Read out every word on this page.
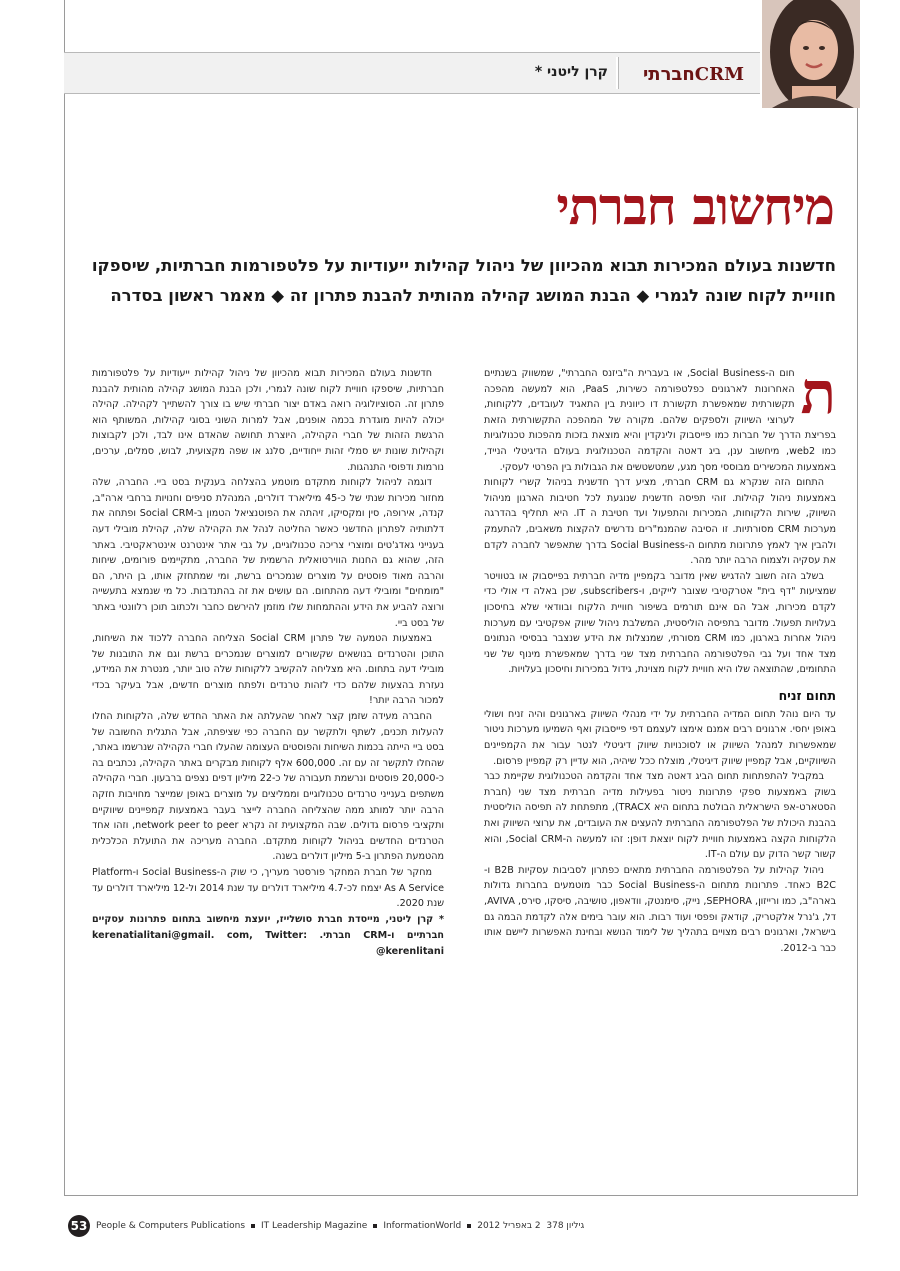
CRM
חברתי
קרן ליטני *
מיחשוב חברתי
חדשנות בעולם המכירות תבוא מהכיוון של ניהול קהילות ייעודיות על פלטפורמות חברתיות, שיספקו חוויית לקוח שונה לגמרי ◆ הבנת המושג קהילה מהותית להבנת פתרון זה ◆ מאמר ראשון בסדרה
ת

חום ה-Social Business, או בעברית ה"ביזנס החברתי", שמשווק בשנתיים האחרונות לארגונים כפלטפורמה כשירות, PaaS, הוא למעשה מהפכה תקשורתית שמאפשרת תקשורת דו כיוונית בין התאגיד לעובדים, ללקוחות, לערוצי השיווק ולספקים שלהם. מקורה של המהפכה התקשורתית הזאת בפריצת הדרך של חברות כמו פייסבוק ולינקדין והיא מוצאת בזכות מהפכות טכנולוגיות כמו web2, מיחשוב ענן, ביג דאטה והקדמה הטכנולוגית בעולם הדיגיטלי הנייד, באמצעות המכשירים מבוססי מסך מגע, שמטשטשים את הגבולות בין הפרטי לעסקי.

התחום הזה שנקרא גם CRM חברתי, מציע דרך חדשנית בניהול קשרי לקוחות באמצעות ניהול קהילות. זוהי תפיסה חדשנית שנוגעת לכל חטיבות הארגון מניהול השיווק, שירות הלקוחות, המכירות והתפעול ועד חטיבת ה IT. היא תחליף בהדרגה מערכות CRM מסורתיות. זו הסיבה שהמנמ"רים נדרשים להקצות משאבים, להתעמק ולהבין איך לאמץ פתרונות מתחום ה-Social Business בדרך שתאפשר לחברה לקדם את עסקיה ולצמוח הרבה יותר מהר.

בשלב הזה חשוב להדגיש שאין מדובר בקמפיין מדיה חברתית בפייסבוק או בטוויטר שמציעות "דף בית" אטרקטיבי שצובר לייקים, ו-subscribers, שכן באלה די אולי כדי לקדם מכירות, אבל הם אינם תורמים בשיפור חוויית הלקוח ובוודאי שלא בחיסכון בעלויות תפעול. מדובר בתפיסה הוליסטית, המשלבת ניהול שיווק אפקטיבי עם מערכות ניהול אחרות בארגון, כמו CRM מסורתי, שמנצלות את הידע שנצבר בבסיסי הנתונים מצד אחד ועל גבי הפלטפורמה החברתית מצד שני בדרך שמאפשרת מינוף של שני התחומים, שהתוצאה שלו היא חוויית לקוח מצוינת, גידול במכירות וחיסכון בעלויות.

תחום זניח

עד היום נוהל תחום המדיה החברתית על ידי מנהלי השיווק בארגונים והיה זניח ושולי באופן יחסי. ארגונים רבים אמנם אימצו לעצמם דפי פייסבוק ואף השמיעו מערכות ניטור שמאפשרות למנהל השיווק או לסוכנויות שיווק דיגיטלי לנטר עבור את הקמפיינים השיווקיים, אבל קמפיין שיווק דיגיטלי, מוצלח ככל שיהיה, הוא עדיין רק קמפיין פרסום.

במקביל להתפתחות תחום הביג דאטה מצד אחד והקדמה הטכנולוגית שקיימת כבר בשוק באמצעות ספקי פתרונות ניטור בפעילות מדיה חברתית מצד שני (חברת הסטארט-אפ הישראלית הבולטת בתחום היא TRACX), מתפתחת לה תפיסה הוליסטית בהבנת היכולת של הפלטפורמה החברתית להעצים את העובדים, את ערוצי השיווק ואת הלקוחות הקצה באמצעות חוויית לקוח יוצאת דופן: זהו למעשה ה-Social CRM, והוא קשור קשר הדוק עם עולם ה-IT.

ניהול קהילות על הפלטפורמה החברתית מתאים כפתרון לסביבות עסקיות B2B ו-B2C כאחד. פתרונות מתחום ה-Social Business כבר מוטמעים בחברות גדולות בארה"ב, כמו ורייזון, SEPHORA, נייק, סימנטק, וודאפון, טושיבה, סיסקו, סירס, AVIVA, דל, ג'נרל אלקטריק, קודאק ופפסי ועוד רבות. הוא עובר בימים אלה לקדמת הבמה גם בישראל, וארגונים רבים מצויים בתהליך של לימוד הנושא ובחינת האפשרות ליישם אותו כבר ב-2012.

חדשנות בעולם המכירות תבוא מהכיוון של ניהול קהילות ייעודיות על פלטפורמות חברתיות, שיספקו חוויית לקוח שונה לגמרי, ולכן הבנת המושג קהילה מהותית להבנת פתרון זה. הסוציולוגיה רואה באדם יצור חברתי שיש בו צורך להשתייך לקהילה. קהילה יכולה להיות מוגדרת בכמה אופנים, אבל למרות השוני בסוגי קהילות, המשותף הוא הרגשת הזהות של חברי הקהילה, היוצרת תחושה שהאדם אינו לבד, ולכן לקבוצות וקהילות שונות יש סמלי זהות ייחודיים, סלנג או שפה מקצועית, לבוש, סמלים, ערכים, נורמות ודפוסי התנהגות.

דוגמה לניהול לקוחות מתקדם מוטמע בהצלחה בענקית בסט ביי. החברה, שלה מחזור מכירות שנתי של כ-45 מיליארד דולרים, המנהלת סניפים וחנויות ברחבי ארה"ב, קנדה, אירופה, סין ומקסיקו, זיהתה את הפוטנציאל הטמון ב-Social CRM ופתחה את דלתותיה לפתרון החדשני כאשר החליטה לנהל את הקהילה שלה, קהילת מובילי דעה בענייני גאדג'טים ומוצרי צריכה טכנולוגיים, על גבי אתר אינטרנט אינטראקטיבי. באתר הזה, שהוא גם החנות הווירטואלית הרשמית של החברה, מתקיימים פורומים, שיחות והרבה מאוד פוסטים על מוצרים שנמכרים ברשת, ומי שמתחזק אותו, בן היתר, הם "מומחים" ומובילי דעה מהתחום. הם עושים את זה בהתנדבות. כל מי שנמצא בתעשייה ורוצה להביע את הידע וההתמחות שלו מוזמן להירשם כחבר ולכתוב תוכן רלוונטי באתר של בסט ביי.

באמצעות הטמעה של פתרון Social CRM הצליחה החברה ללכוד את השיחות, התוכן והטרנדים בנושאים שקשורים למוצרים שנמכרים ברשת וגם את התובנות של מובילי דעה בתחום. היא מצליחה להקשיב ללקוחות שלה טוב יותר, מנטרת את המידע, נעזרת בהצעות שלהם כדי לזהות טרנדים ולפתח מוצרים חדשים, אבל בעיקר בכדי למכור הרבה יותר!

החברה מעידה שזמן קצר לאחר שהעלתה את האתר החדש שלה, הלקוחות החלו להעלות תכנים, לשתף ולתקשר עם החברה כפי שציפתה, אבל התגלית החשובה של בסט ביי הייתה בכמות השיחות והפוסטים העצומה שהעלו חברי הקהילה שנרשמו באתר, שהחלו לתקשר זה עם זה. 600,000 אלף לקוחות מבקרים באתר הקהילה, נכתבים בה כ-20,000 פוסטים ונרשמת תעבורה של כ-22 מיליון דפים נצפים ברבעון. חברי הקהילה משתפים בענייני טרנדים טכנולוגיים וממליצים על מוצרים באופן שמייצר מחויבות חזקה הרבה יותר למותג ממה שהצליחה החברה לייצר בעבר באמצעות קמפיינים שיווקיים ותקציבי פרסום גדולים. שבה המקצועית זה נקרא network peer to peer, וזהו אחד הטרנדים החדשים בניהול לקוחות מתקדם. החברה מעריכה את התועלת הכלכלית מהטמעת הפתרון ב-5 מיליון דולרים בשנה.

מחקר של חברת המחקר פורסטר מעריך, כי שוק ה-Social Business ו-Platform As A Service יצמח לכ-4.7 מיליארד דולרים עד שנת 2014 ול-12 מיליארד דולרים עד שנת 2020.

* קרן ליטני, מייסדת חברת סושלייז, יועצת מיחשוב בתחום פתרונות עסקיים חברתיים ו-CRM חברתי. kerenatialitani@gmail. com, Twitter: @kerenlitani

53 People & Computers Publications IT Leadership Magazine InformationWorld גיליון 378 ‏ 2 באפריל 2012
